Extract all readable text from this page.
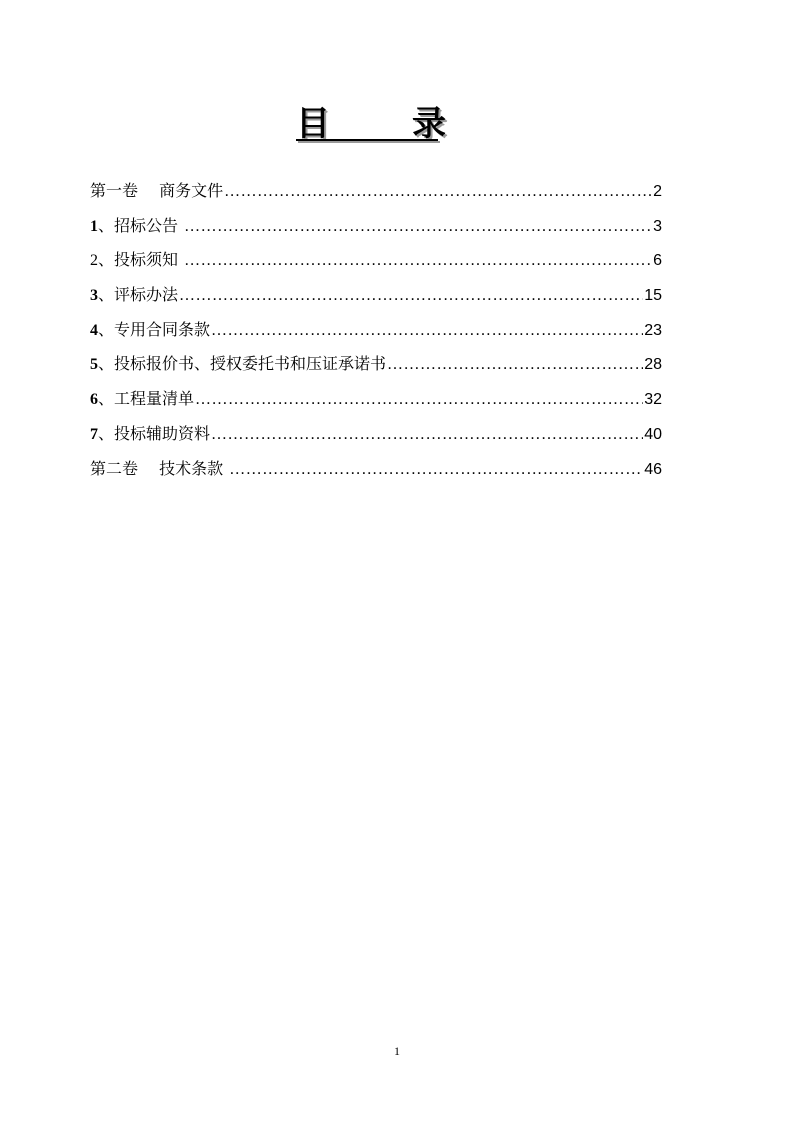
目 录
第一卷　 商务文件 …………………………………………………………………………………………………………………………………………………………………………………	2
1、招标公告 …………………………………………………………………………………………………………………………………………………………………………………	3
2、投标须知 …………………………………………………………………………………………………………………………………………………………………………………	6
3、评标办法 …………………………………………………………………………………………………………………………………………………………………………………	15
4、专用合同条款 …………………………………………………………………………………………………………………………………………………………………………………	23
5、投标报价书、授权委托书和压证承诺书 …………………………………………………………………………………………………………………………………………………………………………………	28
6、工程量清单 …………………………………………………………………………………………………………………………………………………………………………………	32
7、投标辅助资料 …………………………………………………………………………………………………………………………………………………………………………………	40
第二卷　 技术条款 …………………………………………………………………………………………………………………………………………………………………………………	46
1
